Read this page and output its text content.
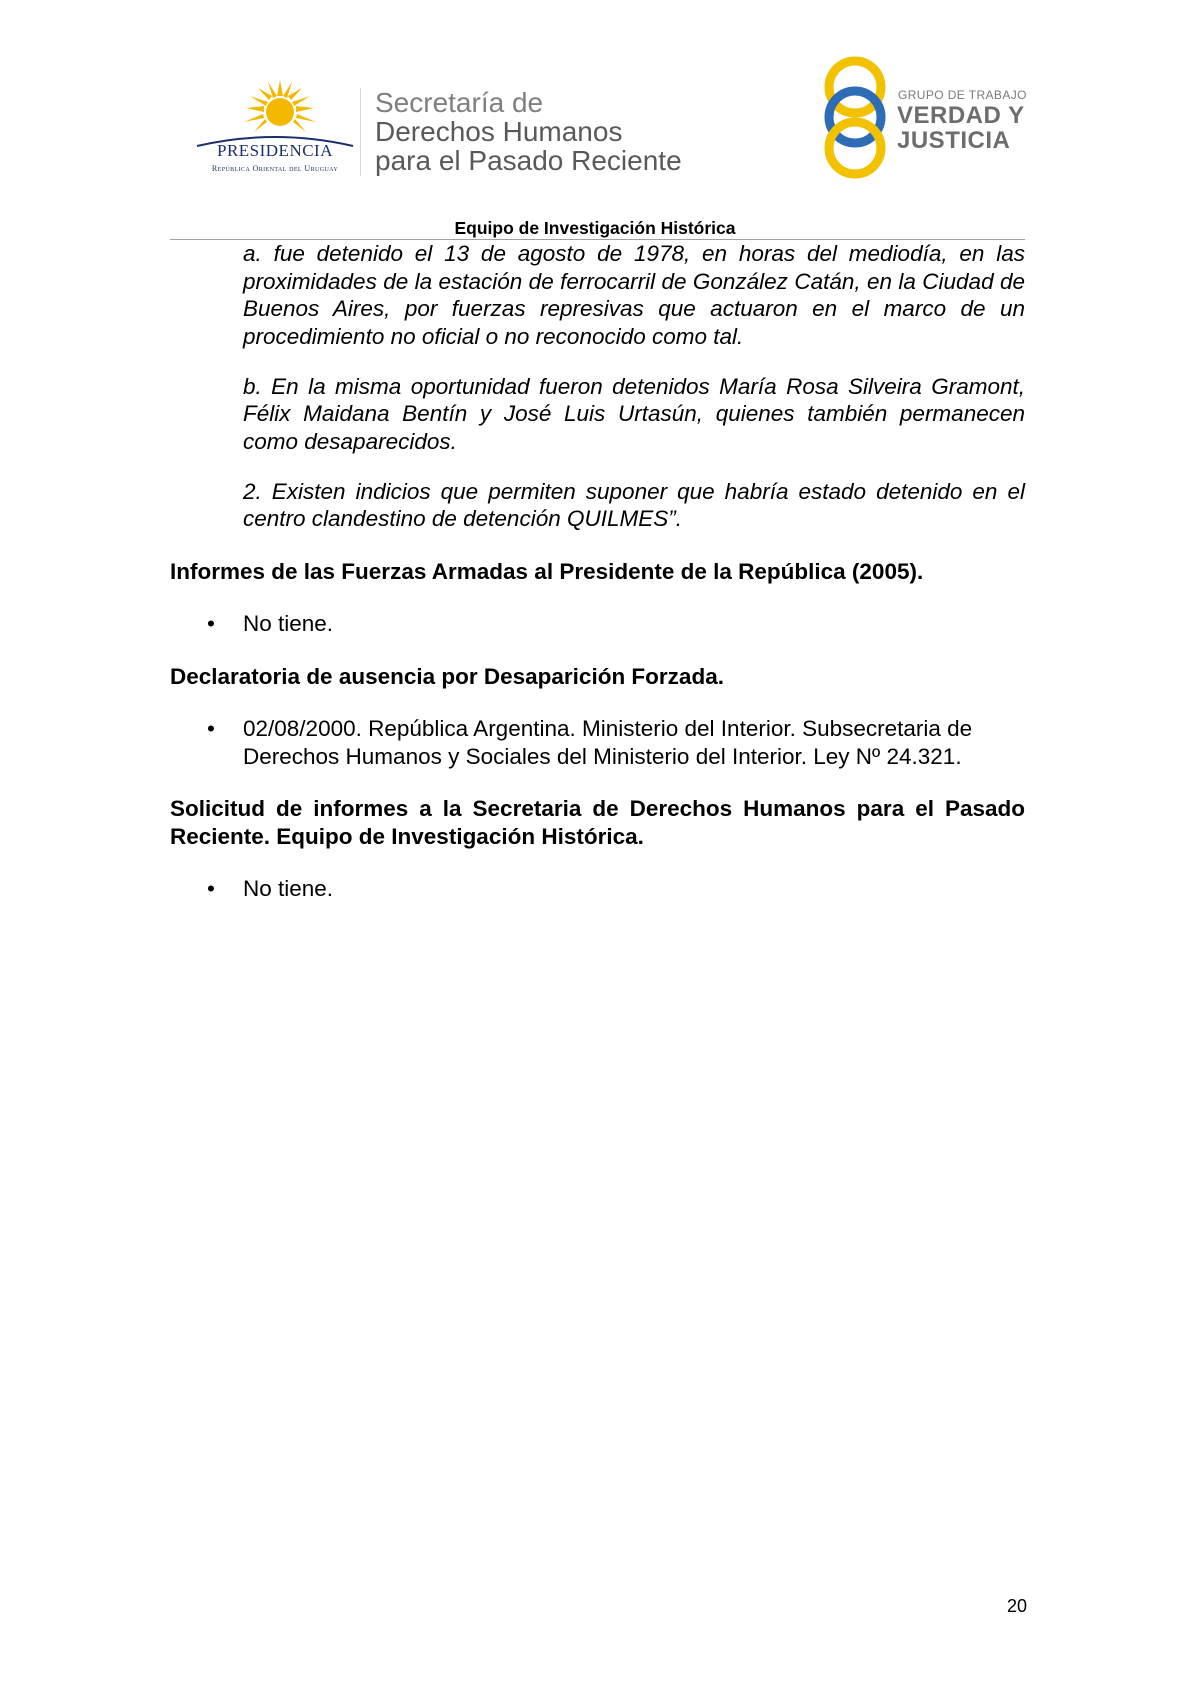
PRESIDENCIA
República Oriental del Uruguay
Secretaría de
Derechos Humanos
para el Pasado Reciente
GRUPO DE TRABAJO
VERDAD Y
JUSTICIA
Equipo de Investigación Histórica

a. fue detenido el 13 de agosto de 1978, en horas del mediodía, en las proximidades de la estación de ferrocarril de González Catán, en la Ciudad de Buenos Aires, por fuerzas represivas que actuaron en el marco de un procedimiento no oficial o no reconocido como tal.

b. En la misma oportunidad fueron detenidos María Rosa Silveira Gramont, Félix Maidana Bentín y José Luis Urtasún, quienes también permanecen como desaparecidos.

2. Existen indicios que permiten suponer que habría estado detenido en el centro clandestino de detención QUILMES”.

Informes de las Fuerzas Armadas al Presidente de la República (2005).

• No tiene.

Declaratoria de ausencia por Desaparición Forzada.

• 02/08/2000. República Argentina. Ministerio del Interior. Subsecretaria de Derechos Humanos y Sociales del Ministerio del Interior. Ley Nº 24.321.

Solicitud de informes a la Secretaria de Derechos Humanos para el Pasado Reciente. Equipo de Investigación Histórica.

• No tiene.
20
